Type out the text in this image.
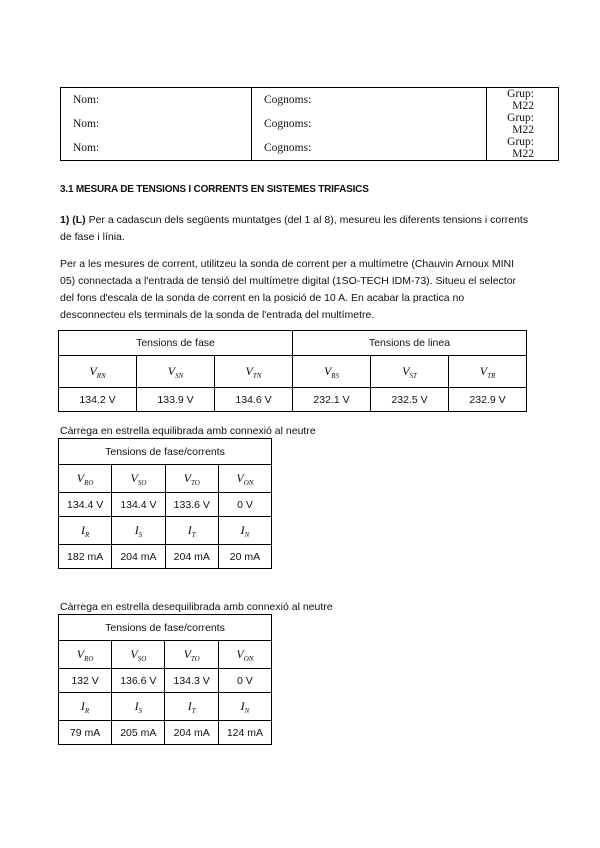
Nom:	Cognoms:	Grup: M22
Nom:	Cognoms:	Grup: M22
Nom:	Cognoms:	Grup: M22
3.1 MESURA DE TENSIONS I CORRENTS EN SISTEMES TRIFASICS
1) (L) Per a cadascun dels següents muntatges (del 1 al 8), mesureu les diferents tensions i corrents de fase i línia.
Per a les mesures de corrent, utilitzeu la sonda de corrent per a multímetre (Chauvin Arnoux MINI 05) connectada a l'entrada de tensió del multímetre digital (1SO-TECH IDM-73). Situeu el selector del fons d'escala de la sonda de corrent en la posició de 10 A. En acabar la practica no desconnecteu els terminals de la sonda de l'entrada del multímetre.
Tensions de fase			Tensions de linea		
$V_{RN}$	$V_{SN}$	$V_{TN}$	$V_{RS}$	$V_{ST}$	$V_{TR}$
134.2 V	133.9 V	134.6 V	232.1 V	232.5 V	232.9 V
Càrrega en estrella equilibrada amb connexió al neutre
Tensions de fase/corrents			
$V_{RO}$	$V_{SO}$	$V_{TO}$	$V_{ON}$
134.4 V	134.4 V	133.6 V	0 V
$I_R$	$I_S$	$I_T$	$I_N$
182 mA	204 mA	204 mA	20 mA
Càrrega en estrella desequilibrada amb connexió al neutre
Tensions de fase/corrents			
$V_{RO}$	$V_{SO}$	$V_{TO}$	$V_{ON}$
132 V	136.6 V	134.3 V	0 V
$I_R$	$I_S$	$I_T$	$I_N$
79 mA	205 mA	204 mA	124 mA
